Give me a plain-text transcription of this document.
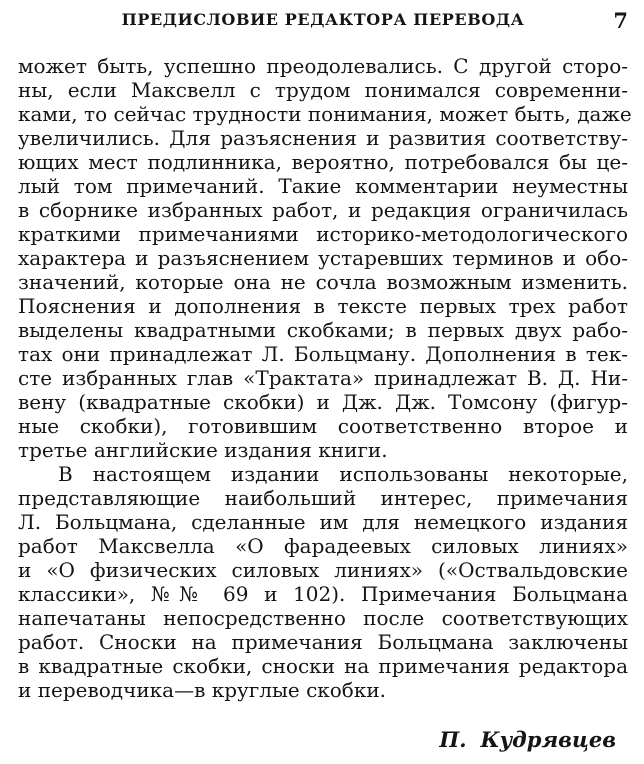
ПРЕДИСЛОВИЕ РЕДАКТОРА ПЕРЕВОДА	7
может быть, успешно преодолевались. С другой сторо-
ны, если Максвелл с трудом понимался современни-
ками, то сейчас трудности понимания, может быть, даже
увеличились. Для разъяснения и развития соответству-
ющих мест подлинника, вероятно, потребовался бы це-
лый том примечаний. Такие комментарии неуместны
в сборнике избранных работ, и редакция ограничилась
краткими примечаниями историко-методологического
характера и разъяснением устаревших терминов и обо-
значений, которые она не сочла возможным изменить.
Пояснения и дополнения в тексте первых трех работ
выделены квадратными скобками; в первых двух рабо-
тах они принадлежат Л. Больцману. Дополнения в тек-
сте избранных глав «Трактата» принадлежат В. Д. Ни-
вену (квадратные скобки) и Дж. Дж. Томсону (фигур-
ные скобки), готовившим соответственно второе и
третье английские издания книги.
В настоящем издании использованы некоторые,
представляющие наибольший интерес, примечания
Л. Больцмана, сделанные им для немецкого издания
работ Максвелла «О фарадеевых силовых линиях»
и «О физических силовых линиях» («Оствальдовские
классики», №№ 69 и 102). Примечания Больцмана
напечатаны непосредственно после соответствующих
работ. Сноски на примечания Больцмана заключены
в квадратные скобки, сноски на примечания редактора
и переводчика—в круглые скобки.
П. Кудрявцев
